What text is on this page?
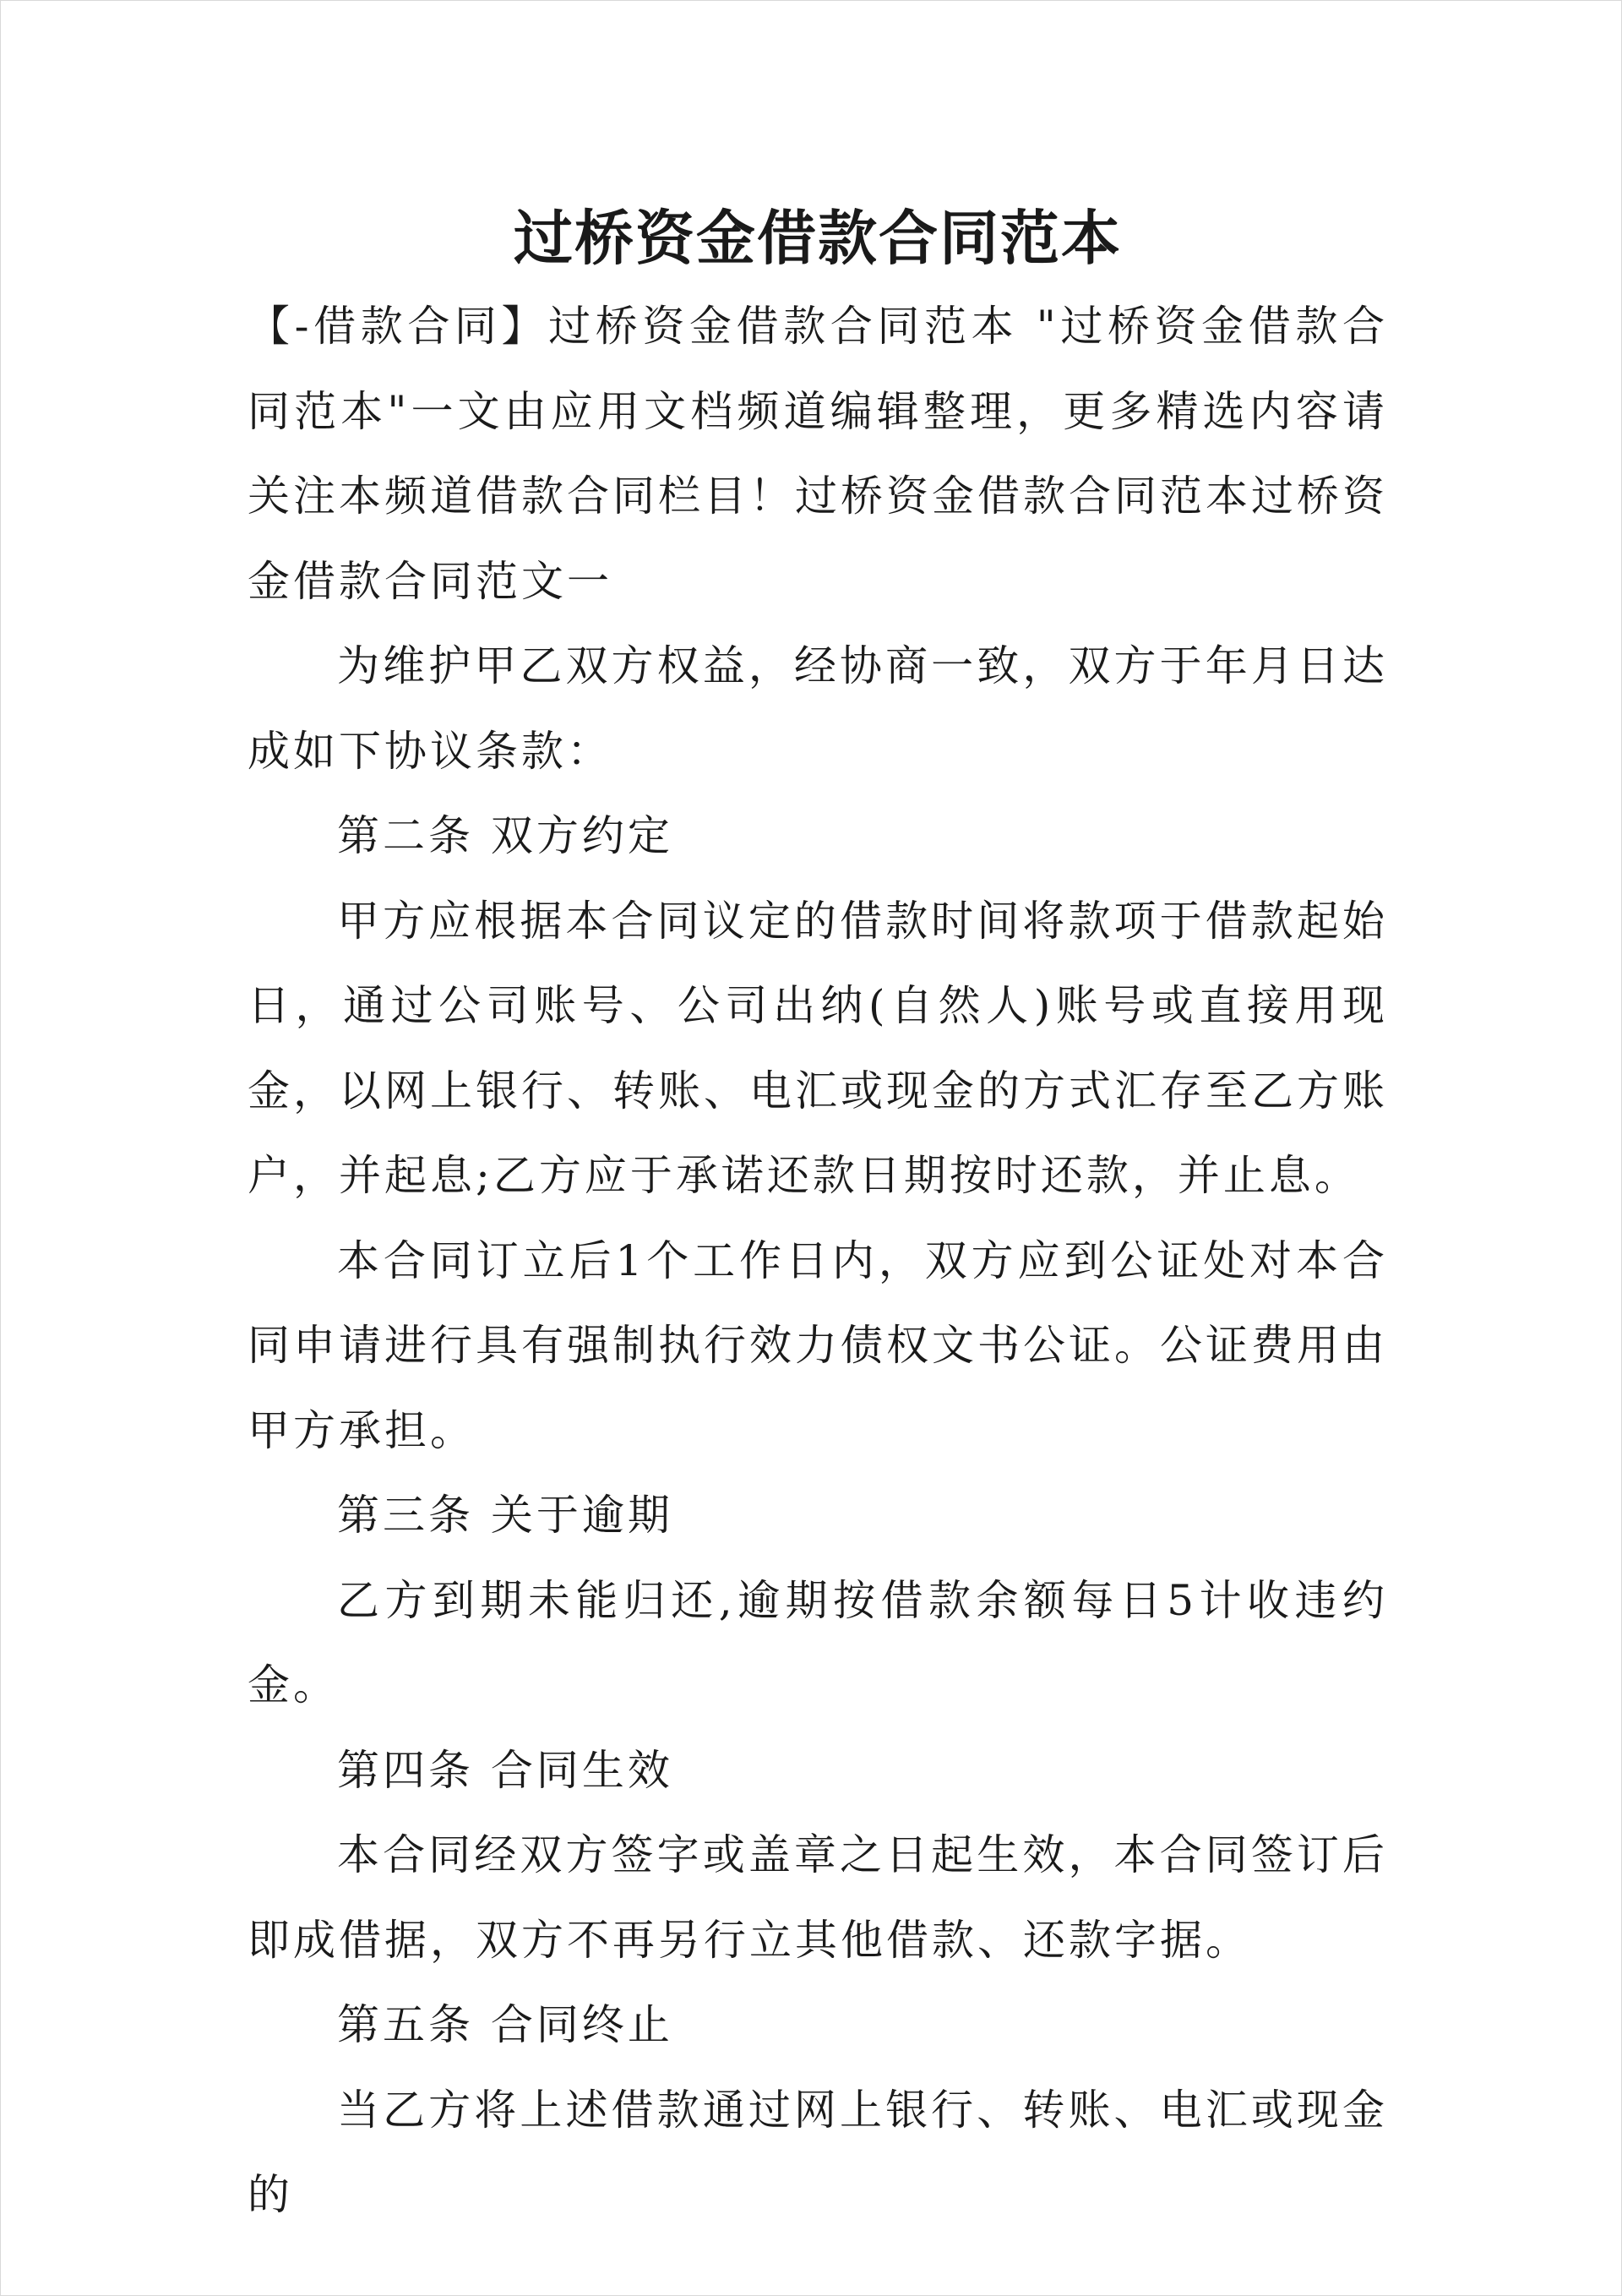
过桥资金借款合同范本

【-借款合同】过桥资金借款合同范本 "过桥资金借款合同范本"一文由应用文档频道编辑整理，更多精选内容请关注本频道借款合同栏目！过桥资金借款合同范本过桥资金借款合同范文一

为维护甲乙双方权益，经协商一致，双方于年月日达成如下协议条款：

第二条 双方约定

甲方应根据本合同议定的借款时间将款项于借款起始日，通过公司账号、公司出纳(自然人)账号或直接用现金，以网上银行、转账、电汇或现金的方式汇存至乙方账户，并起息;乙方应于承诺还款日期按时还款，并止息。

本合同订立后1个工作日内，双方应到公证处对本合同申请进行具有强制执行效力债权文书公证。公证费用由甲方承担。

第三条 关于逾期

乙方到期未能归还,逾期按借款余额每日5计收违约金。

第四条 合同生效

本合同经双方签字或盖章之日起生效，本合同签订后即成借据，双方不再另行立其他借款、还款字据。

第五条 合同终止

当乙方将上述借款通过网上银行、转账、电汇或现金的
